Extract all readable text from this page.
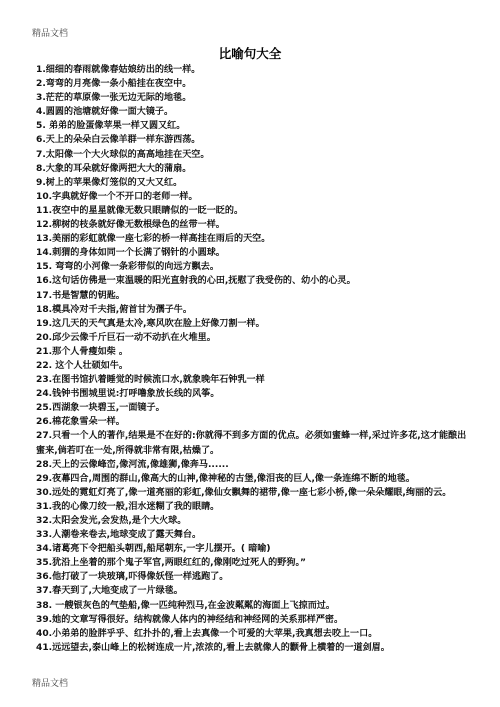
精品文档
比喻句大全
1.细细的春雨就像春姑娘纺出的线一样。
2.弯弯的月亮像一条小船挂在夜空中。
3.茫茫的草原像一张无边无际的地毯。
4.圆圆的池塘就好像一面大镜子。
5. 弟弟的脸蛋像苹果一样又圆又红。
6.天上的朵朵白云像羊群一样东游西荡。
7.太阳像一个大火球似的高高地挂在天空。
8.大象的耳朵就好像两把大大的蒲扇。
9.树上的苹果像灯笼似的又大又红。
10.字典就好像一个不开口的老师一样。
11.夜空中的星星就像无数只眼睛似的一眨一眨的。
12.柳树的枝条就好像无数根绿色的丝带一样。
13.美丽的彩虹就像一座七彩的桥一样高挂在雨后的天空。
14.刺猬的身体如同一个长满了钢针的小圆球。
15. 弯弯的小河像一条彩带似的向远方飘去。
16.这句话仿佛是一束温暖的阳光直射我的心田,抚慰了我受伤的、幼小的心灵。
17.书是智慧的钥匙。
18.模具冷对千夫指,俯首甘为孺子牛。
19.这几天的天气真是太冷,寒风吹在脸上好像刀割一样。
20.邱少云像千斤巨石一动不动扒在火堆里。
21.那个人骨瘦如柴 。
22. 这个人壮硕如牛。
23.在图书馆扒着睡觉的时候流口水,就象晚年石钟乳一样
24.钱钟书围城里说:打呼噜象放长线的风筝。
25.西湖象一块碧玉,一面镜子。
26.棉花象雪朵一样。
27.只看一个人的著作,结果是不在好的:你就得不到多方面的优点。必须如蜜蜂一样,采过许多花,这才能酿出蜜来,倘若叮在一处,所得就非常有限,枯燥了。
28.天上的云像峰峦,像河流,像雄狮,像奔马......
29.夜幕四合,周围的群山,像高大的山神,像神秘的古堡,像泪丧的巨人,像一条连绵不断的地毯。
30.远处的霓虹灯亮了,像一道亮丽的彩虹,像仙女飘舞的裙带,像一座七彩小桥,像一朵朵耀眼,绚丽的云。
31.我的心像刀绞一般,泪水迷糊了我的眼睛。
32.太阳会发光,会发热,是个大火球。
33.人潮卷来卷去,地球变成了露天舞台。
34.诸葛亮下令把船头朝西,船尾朝东,一字儿摆开。( 暗喻)
35.犹沿上坐着的那个鬼子军官,两眼红红的,像刚吃过死人的野狗。”
36.他打破了一块玻璃,吓得像妖怪一样逃跑了。
37.春天到了,大地变成了一片绿毯。
38. 一艘银灰色的气垫船,像一匹纯种烈马,在金波粼粼的海面上飞掠而过。
39.她的文章写得很好。结构就像人体内的神经结和神经网的关系那样严密。
40.小弟弟的脸胖乎乎、红扑扑的,看上去真像一个可爱的大苹果,我真想去咬上一口。
41.远远望去,泰山峰上的松树连成一片,浓浓的,看上去就像人的颧骨上横着的一道剑眉。
精品文档
